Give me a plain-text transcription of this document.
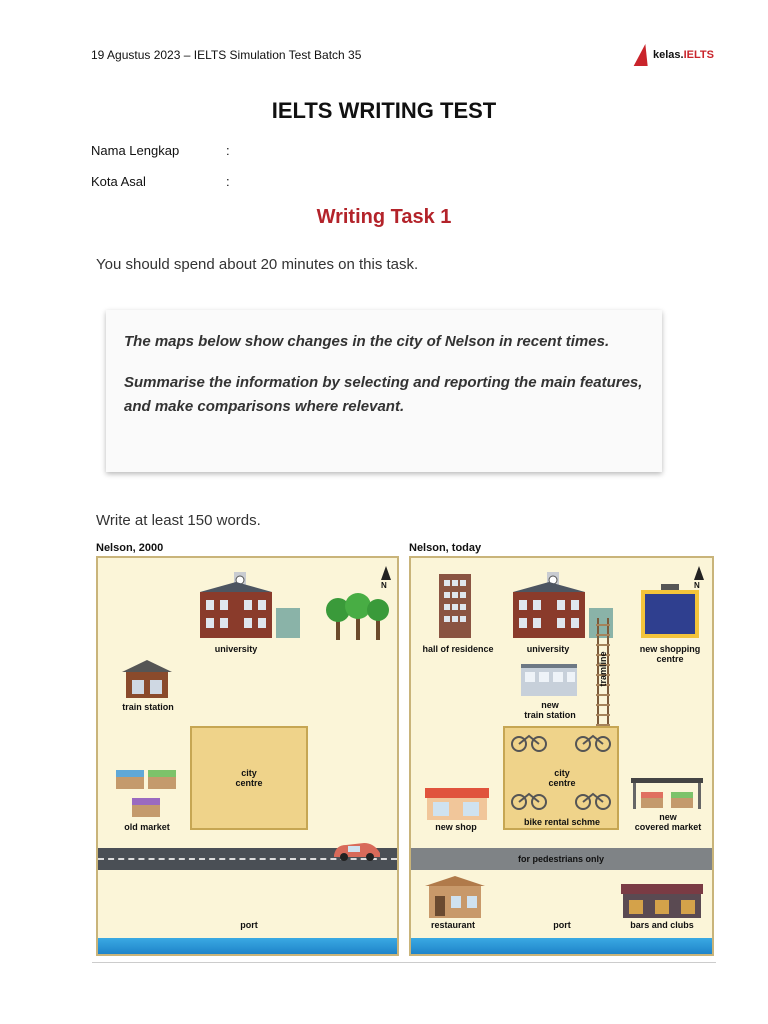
19 Agustus 2023 – IELTS Simulation Test Batch 35	kelas.IELTS
IELTS WRITING TEST
Nama Lengkap	:
Kota Asal	:
Writing Task 1
You should spend about 20 minutes on this task.

The maps below show changes in the city of Nelson in recent times.

Summarise the information by selecting and reporting the main features, and make comparisons where relevant.

Write at least 150 words.
Nelson, 2000
N
university
train station
city
centre
old market
port
Nelson, today
N
hall of residence	university	new shopping
centre
tramline
new
train station
city
centre
bike rental schme
new shop
new
covered market
for pedestrians only
restaurant	port	bars and clubs
